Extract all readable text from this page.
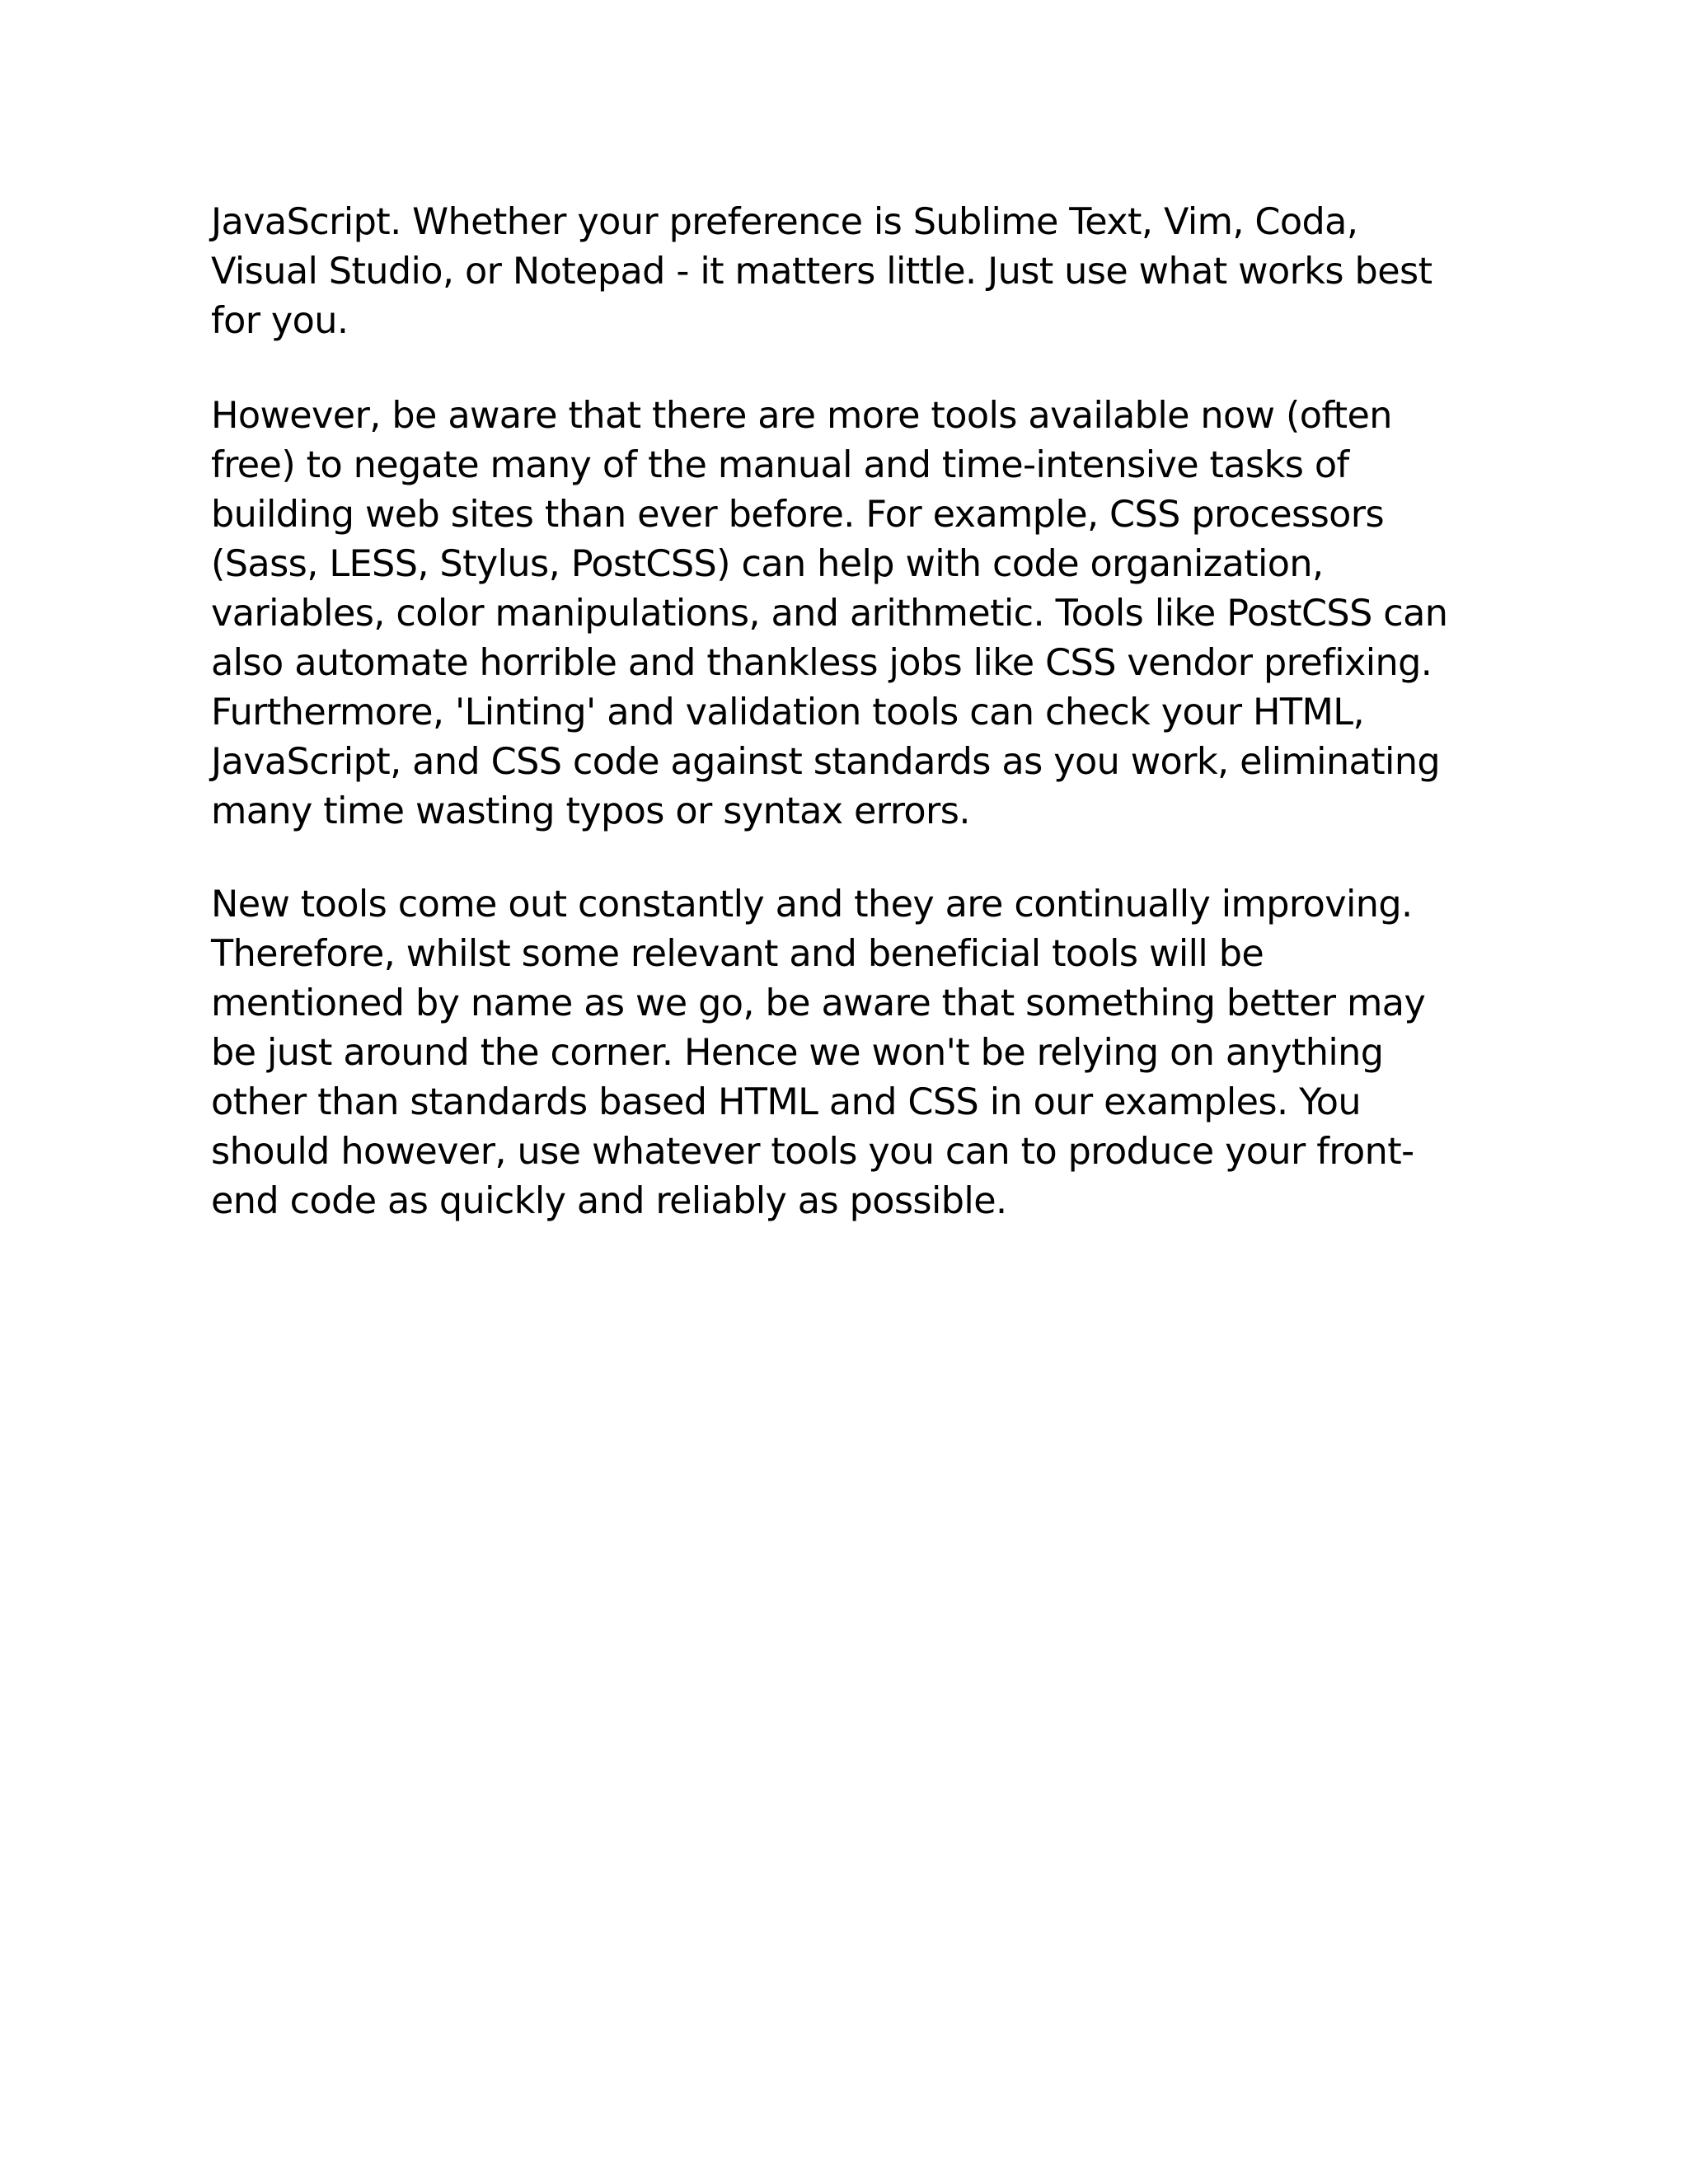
JavaScript. Whether your preference is Sublime Text, Vim, Coda,
Visual Studio, or Notepad - it matters little. Just use what works best
for you.

However, be aware that there are more tools available now (often
free) to negate many of the manual and time-intensive tasks of
building web sites than ever before. For example, CSS processors
(Sass, LESS, Stylus, PostCSS) can help with code organization,
variables, color manipulations, and arithmetic. Tools like PostCSS can
also automate horrible and thankless jobs like CSS vendor prefixing.
Furthermore, 'Linting' and validation tools can check your HTML,
JavaScript, and CSS code against standards as you work, eliminating
many time wasting typos or syntax errors.

New tools come out constantly and they are continually improving.
Therefore, whilst some relevant and beneficial tools will be
mentioned by name as we go, be aware that something better may
be just around the corner. Hence we won't be relying on anything
other than standards based HTML and CSS in our examples. You
should however, use whatever tools you can to produce your front-
end code as quickly and reliably as possible.
